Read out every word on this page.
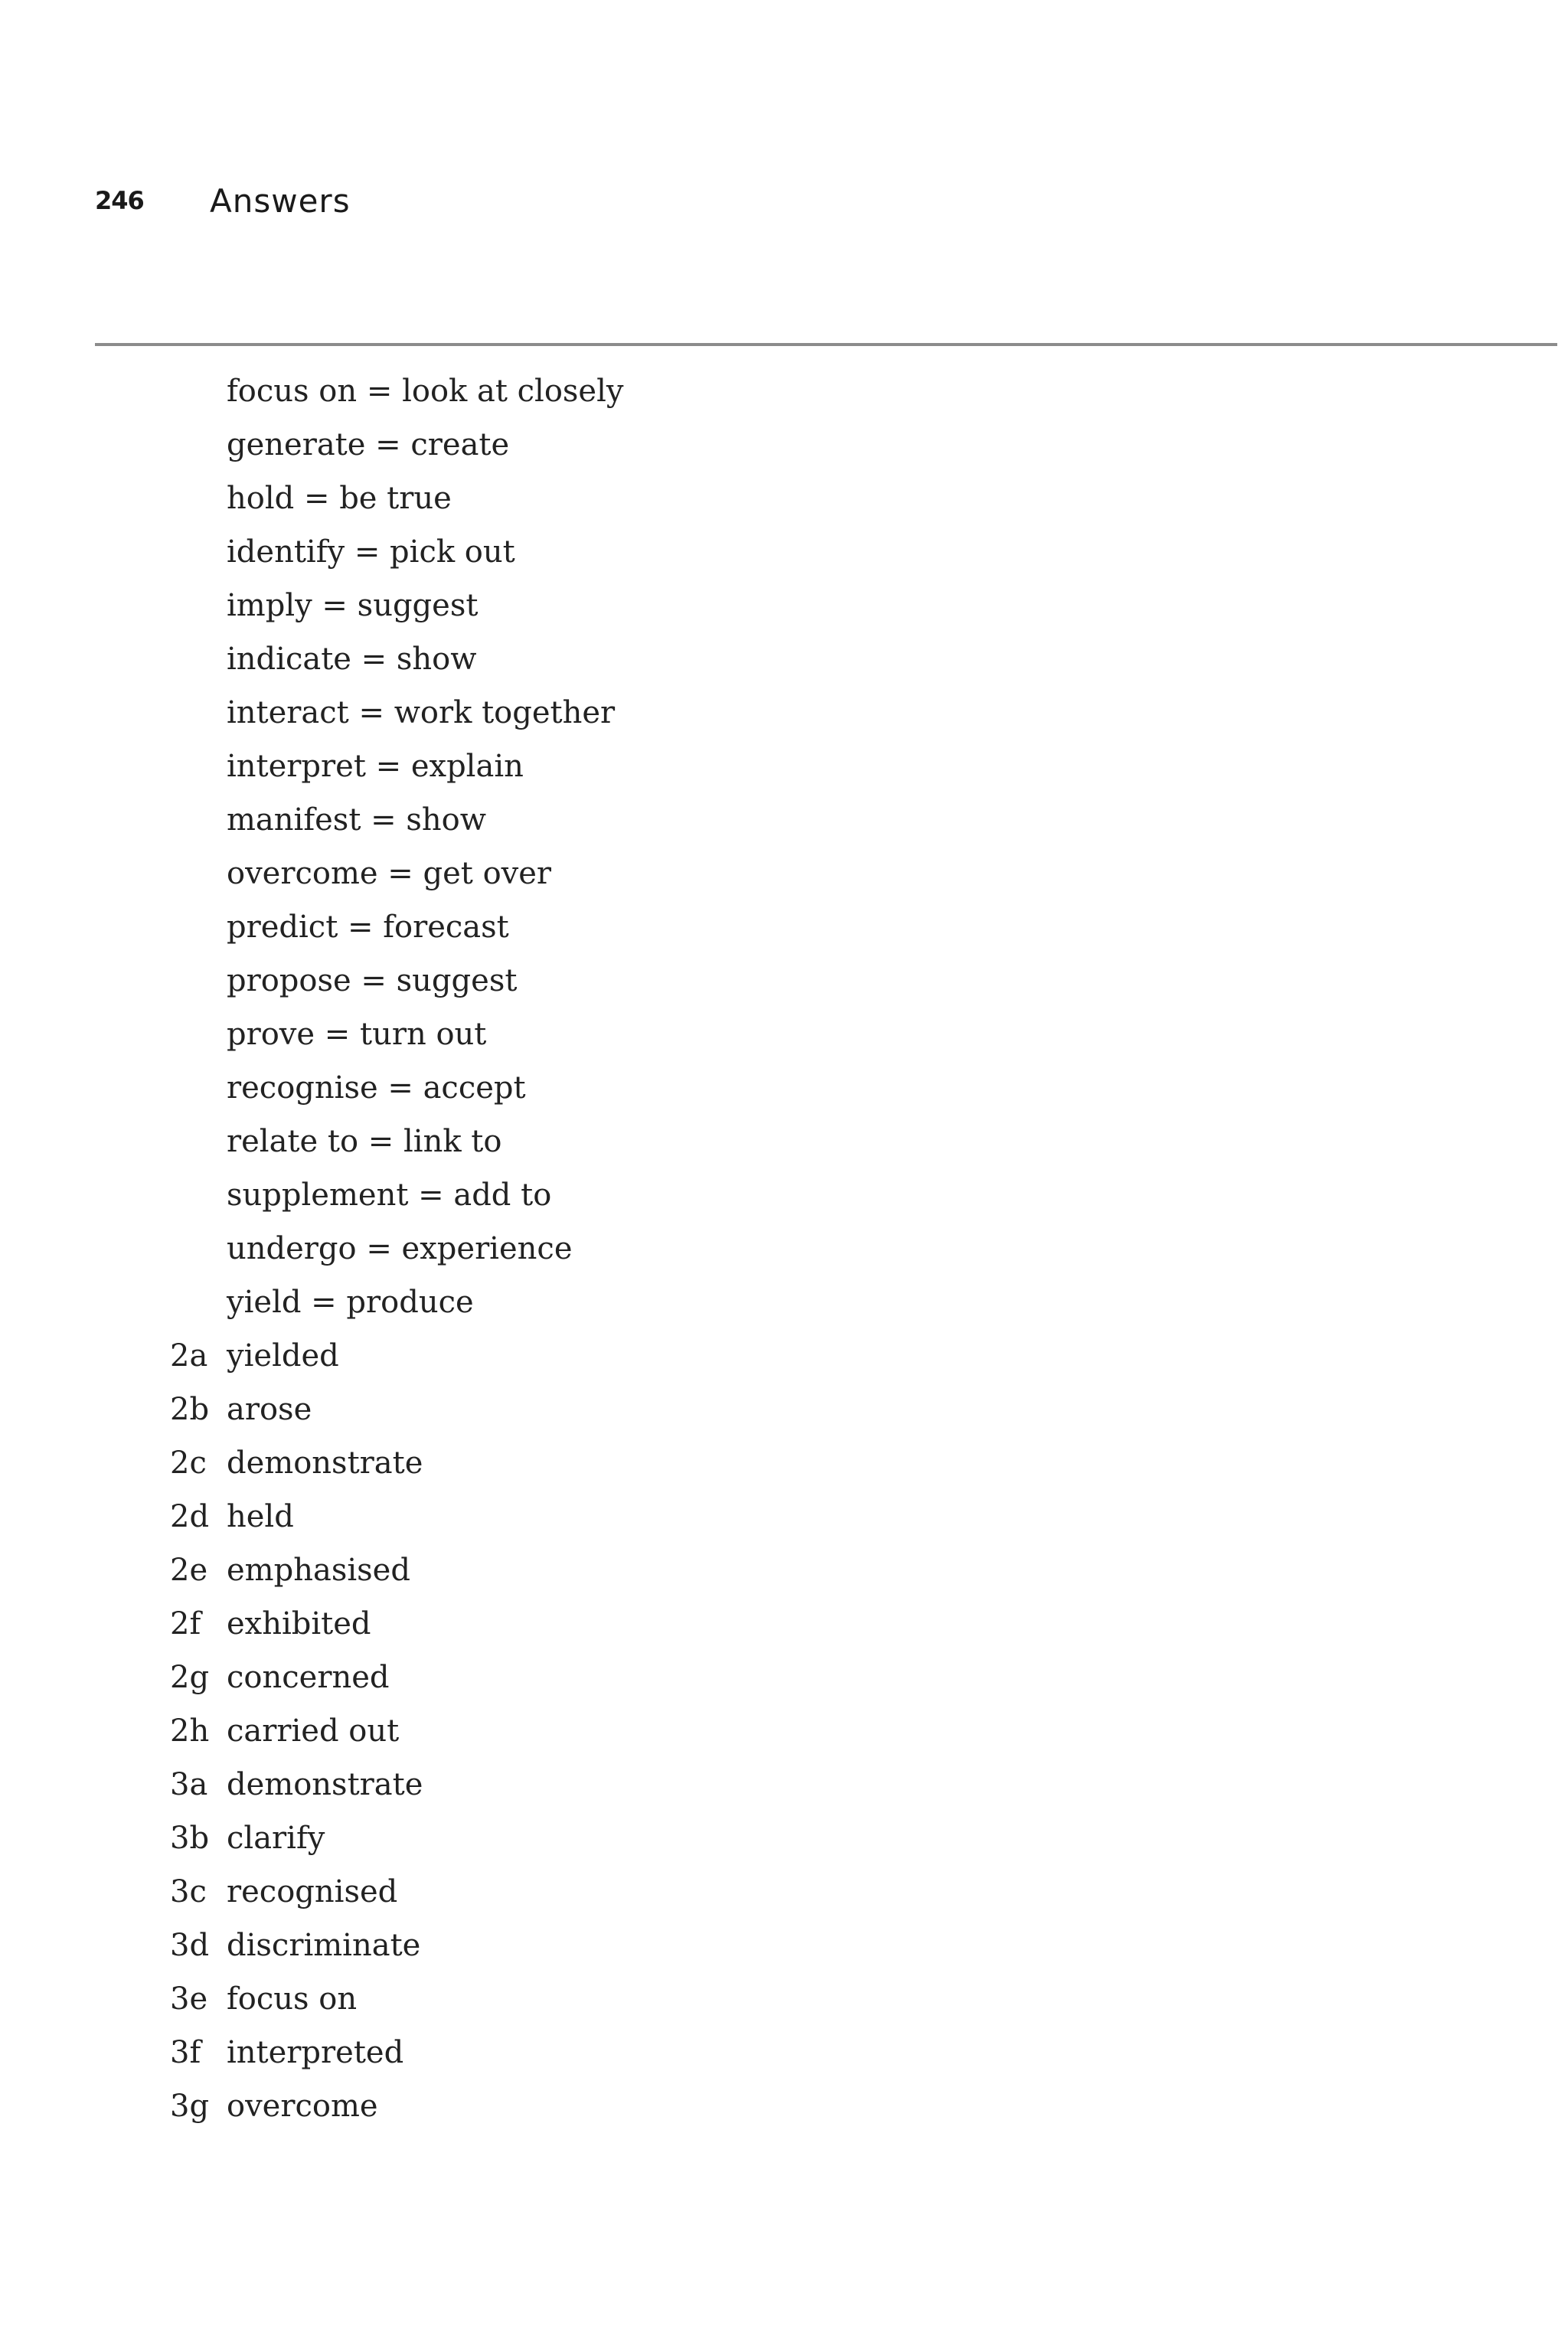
246	Answers
focus on = look at closely
generate = create
hold = be true
identify = pick out
imply = suggest
indicate = show
interact = work together
interpret = explain
manifest = show
overcome = get over
predict = forecast
propose = suggest
prove = turn out
recognise = accept
relate to = link to
supplement = add to
undergo = experience
yield = produce
2a yielded
2b arose
2c demonstrate
2d held
2e emphasised
2f exhibited
2g concerned
2h carried out
3a demonstrate
3b clarify
3c recognised
3d discriminate
3e focus on
3f interpreted
3g overcome
